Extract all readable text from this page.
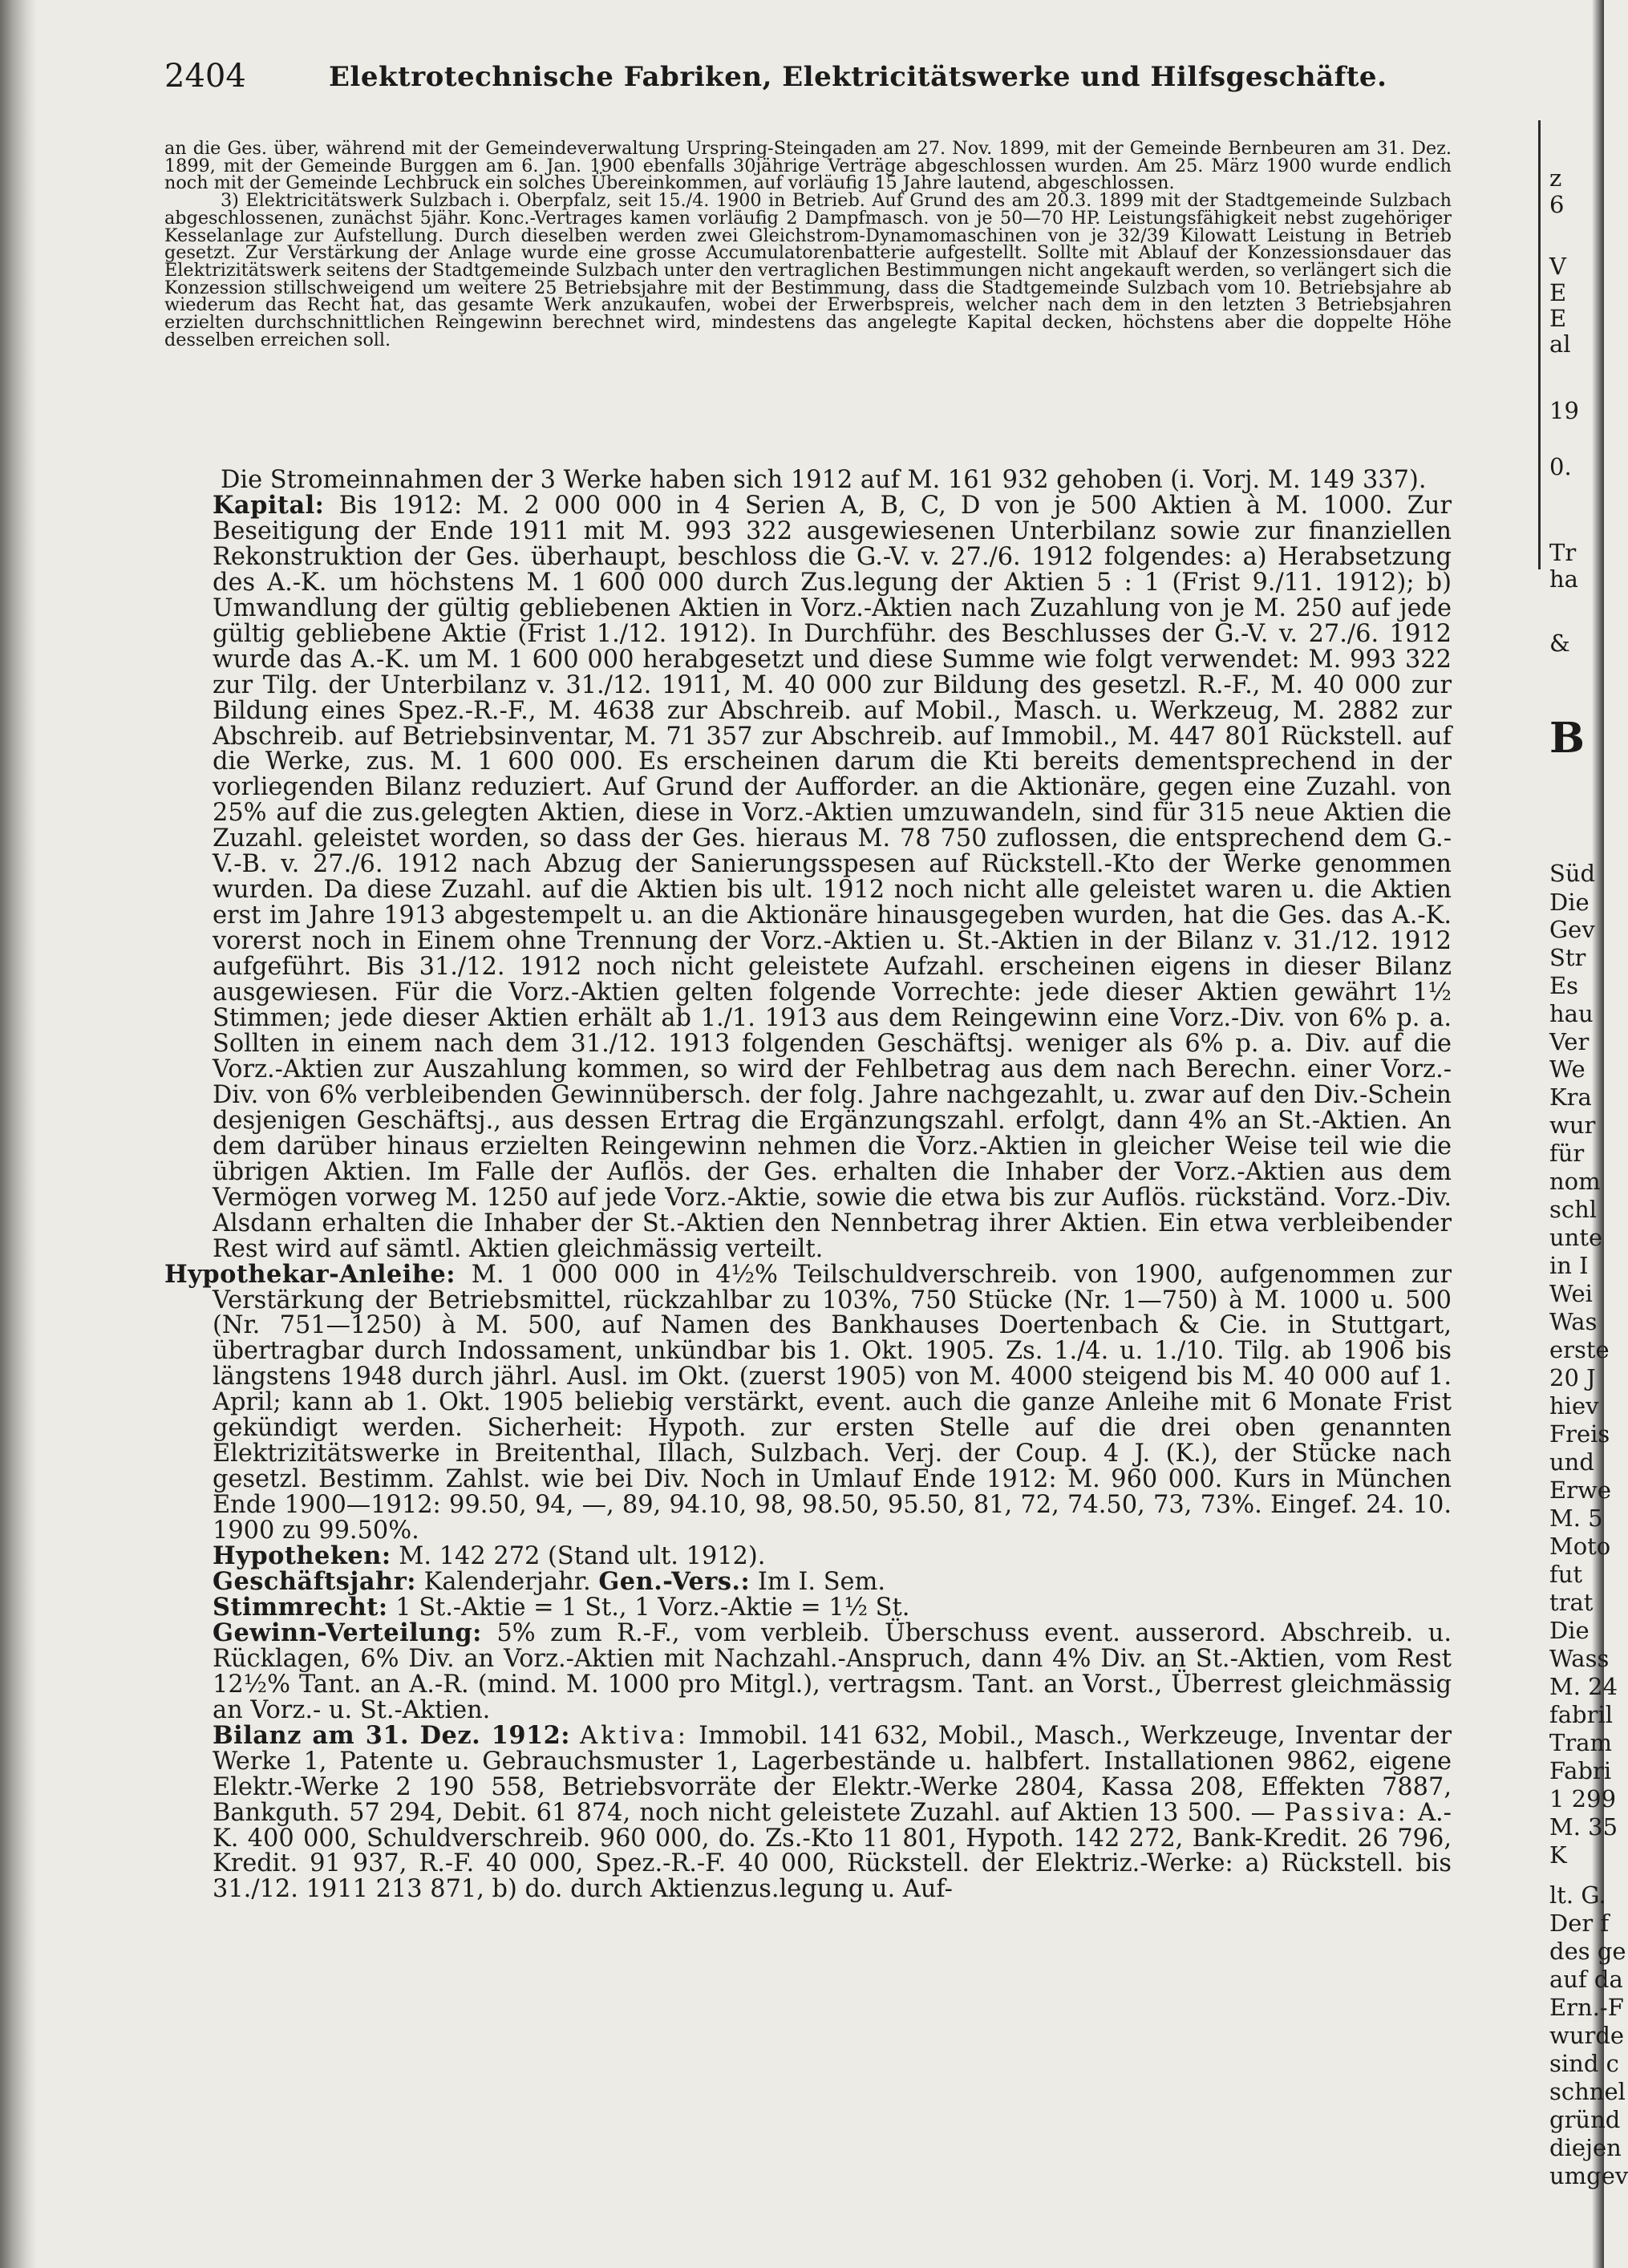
2404	Elektrotechnische Fabriken, Elektricitätswerke und Hilfsgeschäfte.

an die Ges. über, während mit der Gemeindeverwaltung Urspring-Steingaden am 27. Nov. 1899, mit der Gemeinde Bernbeuren am 31. Dez. 1899, mit der Gemeinde Burggen am 6. Jan. 1900 ebenfalls 30jährige Verträge abgeschlossen wurden. Am 25. März 1900 wurde endlich noch mit der Gemeinde Lechbruck ein solches Übereinkommen, auf vorläufig 15 Jahre lautend, abgeschlossen.

3) Elektricitätswerk Sulzbach i. Oberpfalz, seit 15./4. 1900 in Betrieb. Auf Grund des am 20.3. 1899 mit der Stadtgemeinde Sulzbach abgeschlossenen, zunächst 5jähr. Konc.-Vertrages kamen vorläufig 2 Dampfmasch. von je 50—70 HP. Leistungsfähigkeit nebst zugehöriger Kesselanlage zur Aufstellung. Durch dieselben werden zwei Gleichstrom-Dynamomaschinen von je 32/39 Kilowatt Leistung in Betrieb gesetzt. Zur Verstärkung der Anlage wurde eine grosse Accumulatorenbatterie aufgestellt. Sollte mit Ablauf der Konzessionsdauer das Elektrizitätswerk seitens der Stadtgemeinde Sulzbach unter den vertraglichen Bestimmungen nicht angekauft werden, so verlängert sich die Konzession stillschweigend um weitere 25 Betriebsjahre mit der Bestimmung, dass die Stadtgemeinde Sulzbach vom 10. Betriebsjahre ab wiederum das Recht hat, das gesamte Werk anzukaufen, wobei der Erwerbspreis, welcher nach dem in den letzten 3 Betriebsjahren erzielten durchschnittlichen Reingewinn berechnet wird, mindestens das angelegte Kapital decken, höchstens aber die doppelte Höhe desselben erreichen soll.

Die Stromeinnahmen der 3 Werke haben sich 1912 auf M. 161 932 gehoben (i. Vorj. M. 149 337).

Kapital: Bis 1912: M. 2 000 000 in 4 Serien A, B, C, D von je 500 Aktien à M. 1000. Zur Beseitigung der Ende 1911 mit M. 993 322 ausgewiesenen Unterbilanz sowie zur finanziellen Rekonstruktion der Ges. überhaupt, beschloss die G.-V. v. 27./6. 1912 folgendes: a) Herabsetzung des A.-K. um höchstens M. 1 600 000 durch Zus.legung der Aktien 5 : 1 (Frist 9./11. 1912); b) Umwandlung der gültig gebliebenen Aktien in Vorz.-Aktien nach Zuzahlung von je M. 250 auf jede gültig gebliebene Aktie (Frist 1./12. 1912). In Durchführ. des Beschlusses der G.-V. v. 27./6. 1912 wurde das A.-K. um M. 1 600 000 herabgesetzt und diese Summe wie folgt verwendet: M. 993 322 zur Tilg. der Unterbilanz v. 31./12. 1911, M. 40 000 zur Bildung des gesetzl. R.-F., M. 40 000 zur Bildung eines Spez.-R.-F., M. 4638 zur Abschreib. auf Mobil., Masch. u. Werkzeug, M. 2882 zur Abschreib. auf Betriebsinventar, M. 71 357 zur Abschreib. auf Immobil., M. 447 801 Rückstell. auf die Werke, zus. M. 1 600 000. Es erscheinen darum die Kti bereits dementsprechend in der vorliegenden Bilanz reduziert. Auf Grund der Aufforder. an die Aktionäre, gegen eine Zuzahl. von 25% auf die zus.gelegten Aktien, diese in Vorz.-Aktien umzuwandeln, sind für 315 neue Aktien die Zuzahl. geleistet worden, so dass der Ges. hieraus M. 78 750 zuflossen, die entsprechend dem G.-V.-B. v. 27./6. 1912 nach Abzug der Sanierungsspesen auf Rückstell.-Kto der Werke genommen wurden. Da diese Zuzahl. auf die Aktien bis ult. 1912 noch nicht alle geleistet waren u. die Aktien erst im Jahre 1913 abgestempelt u. an die Aktionäre hinausgegeben wurden, hat die Ges. das A.-K. vorerst noch in Einem ohne Trennung der Vorz.-Aktien u. St.-Aktien in der Bilanz v. 31./12. 1912 aufgeführt. Bis 31./12. 1912 noch nicht geleistete Aufzahl. erscheinen eigens in dieser Bilanz ausgewiesen. Für die Vorz.-Aktien gelten folgende Vorrechte: jede dieser Aktien gewährt 1½ Stimmen; jede dieser Aktien erhält ab 1./1. 1913 aus dem Reingewinn eine Vorz.-Div. von 6% p. a. Sollten in einem nach dem 31./12. 1913 folgenden Geschäftsj. weniger als 6% p. a. Div. auf die Vorz.-Aktien zur Auszahlung kommen, so wird der Fehlbetrag aus dem nach Berechn. einer Vorz.-Div. von 6% verbleibenden Gewinnübersch. der folg. Jahre nachgezahlt, u. zwar auf den Div.-Schein desjenigen Geschäftsj., aus dessen Ertrag die Ergänzungszahl. erfolgt, dann 4% an St.-Aktien. An dem darüber hinaus erzielten Reingewinn nehmen die Vorz.-Aktien in gleicher Weise teil wie die übrigen Aktien. Im Falle der Auflös. der Ges. erhalten die Inhaber der Vorz.-Aktien aus dem Vermögen vorweg M. 1250 auf jede Vorz.-Aktie, sowie die etwa bis zur Auflös. rückständ. Vorz.-Div. Alsdann erhalten die Inhaber der St.-Aktien den Nennbetrag ihrer Aktien. Ein etwa verbleibender Rest wird auf sämtl. Aktien gleichmässig verteilt.

Hypothekar-Anleihe: M. 1 000 000 in 4½% Teilschuldverschreib. von 1900, aufgenommen zur Verstärkung der Betriebsmittel, rückzahlbar zu 103%, 750 Stücke (Nr. 1—750) à M. 1000 u. 500 (Nr. 751—1250) à M. 500, auf Namen des Bankhauses Doertenbach & Cie. in Stuttgart, übertragbar durch Indossament, unkündbar bis 1. Okt. 1905. Zs. 1./4. u. 1./10. Tilg. ab 1906 bis längstens 1948 durch jährl. Ausl. im Okt. (zuerst 1905) von M. 4000 steigend bis M. 40 000 auf 1. April; kann ab 1. Okt. 1905 beliebig verstärkt, event. auch die ganze Anleihe mit 6 Monate Frist gekündigt werden. Sicherheit: Hypoth. zur ersten Stelle auf die drei oben genannten Elektrizitätswerke in Breitenthal, Illach, Sulzbach. Verj. der Coup. 4 J. (K.), der Stücke nach gesetzl. Bestimm. Zahlst. wie bei Div. Noch in Umlauf Ende 1912: M. 960 000. Kurs in München Ende 1900—1912: 99.50, 94, —, 89, 94.10, 98, 98.50, 95.50, 81, 72, 74.50, 73, 73%. Eingef. 24. 10. 1900 zu 99.50%.

Hypotheken: M. 142 272 (Stand ult. 1912).

Geschäftsjahr: Kalenderjahr. Gen.-Vers.: Im I. Sem.

Stimmrecht: 1 St.-Aktie = 1 St., 1 Vorz.-Aktie = 1½ St.

Gewinn-Verteilung: 5% zum R.-F., vom verbleib. Überschuss event. ausserord. Abschreib. u. Rücklagen, 6% Div. an Vorz.-Aktien mit Nachzahl.-Anspruch, dann 4% Div. an St.-Aktien, vom Rest 12½% Tant. an A.-R. (mind. M. 1000 pro Mitgl.), vertragsm. Tant. an Vorst., Überrest gleichmässig an Vorz.- u. St.-Aktien.

Bilanz am 31. Dez. 1912: Aktiva: Immobil. 141 632, Mobil., Masch., Werkzeuge, Inventar der Werke 1, Patente u. Gebrauchsmuster 1, Lagerbestände u. halbfert. Installationen 9862, eigene Elektr.-Werke 2 190 558, Betriebsvorräte der Elektr.-Werke 2804, Kassa 208, Effekten 7887, Bankguth. 57 294, Debit. 61 874, noch nicht geleistete Zuzahl. auf Aktien 13 500. — Passiva: A.-K. 400 000, Schuldverschreib. 960 000, do. Zs.-Kto 11 801, Hypoth. 142 272, Bank-Kredit. 26 796, Kredit. 91 937, R.-F. 40 000, Spez.-R.-F. 40 000, Rückstell. der Elektriz.-Werke: a) Rückstell. bis 31./12. 1911 213 871, b) do. durch Aktienzus.legung u. Auf-

z
6
V
E
E
al
19
0.
Tr
ha
&
B
Süd
Die
Gev
Str
Es
hau
Ver
We
Kra
wur
für
nom
schl
unte
in I
Wei
Was
erste
20 J
hiev
Freis
und
Erwe
M. 5
Moto
fut
trat
Die
Wass
M. 24
fabril
Tram
Fabri
1 299
M. 35
K
lt. G.
Der f
des ge
auf da
Ern.-F
wurde
sind c
schnel
gründ
diejen
umgev
